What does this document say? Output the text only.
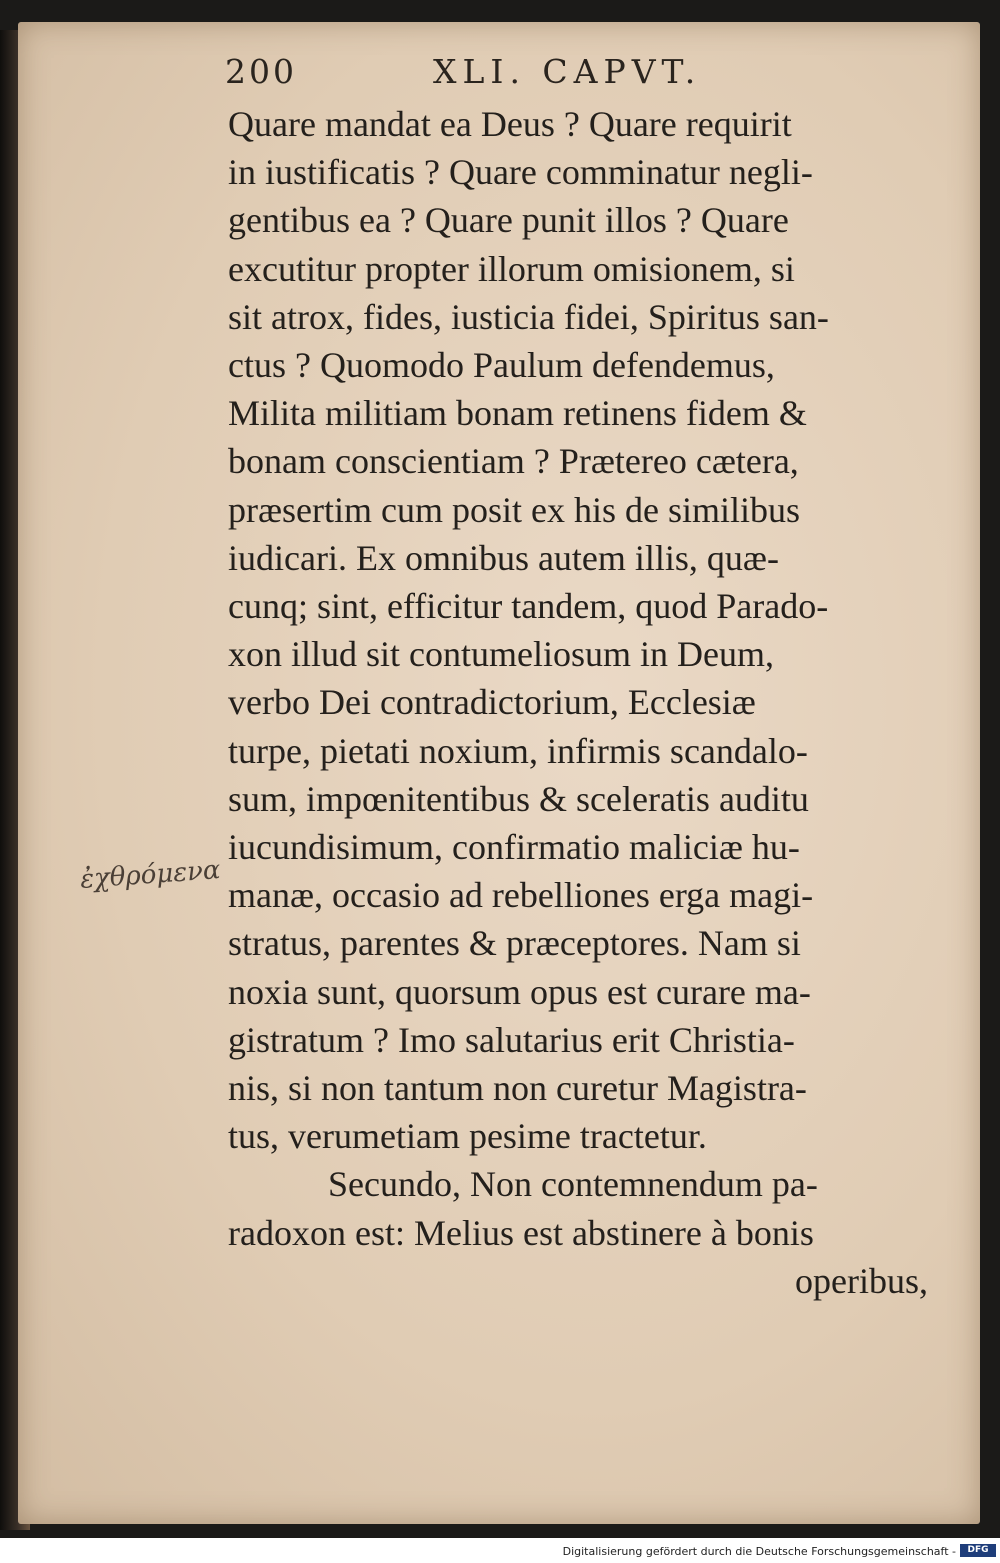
200	XLI. CAPVT.
ἐχθρόμενα
Quare mandat ea Deus ? Quare requirit
in iustificatis ? Quare comminatur negli-
gentibus ea ? Quare punit illos ? Quare
excutitur propter illorum omisionem, si
sit atrox, fides, iusticia fidei, Spiritus san-
ctus ? Quomodo Paulum defendemus,
Milita militiam bonam retinens fidem &
bonam conscientiam ? Prætereo cætera,
præsertim cum posit ex his de similibus
iudicari. Ex omnibus autem illis, quæ-
cunq; sint, efficitur tandem, quod Parado-
xon illud sit contumeliosum in Deum,
verbo Dei contradictorium, Ecclesiæ
turpe, pietati noxium, infirmis scandalo-
sum, impœnitentibus & sceleratis auditu
iucundisimum, confirmatio maliciæ hu-
manæ, occasio ad rebelliones erga magi-
stratus, parentes & præceptores. Nam si
noxia sunt, quorsum opus est curare ma-
gistratum ? Imo salutarius erit Christia-
nis, si non tantum non curetur Magistra-
tus, verumetiam pesime tractetur.
Secundo, Non contemnendum pa-
radoxon est: Melius est abstinere à bonis
operibus,
Digitalisierung gefördert durch die Deutsche Forschungsgemeinschaft -	DFG
